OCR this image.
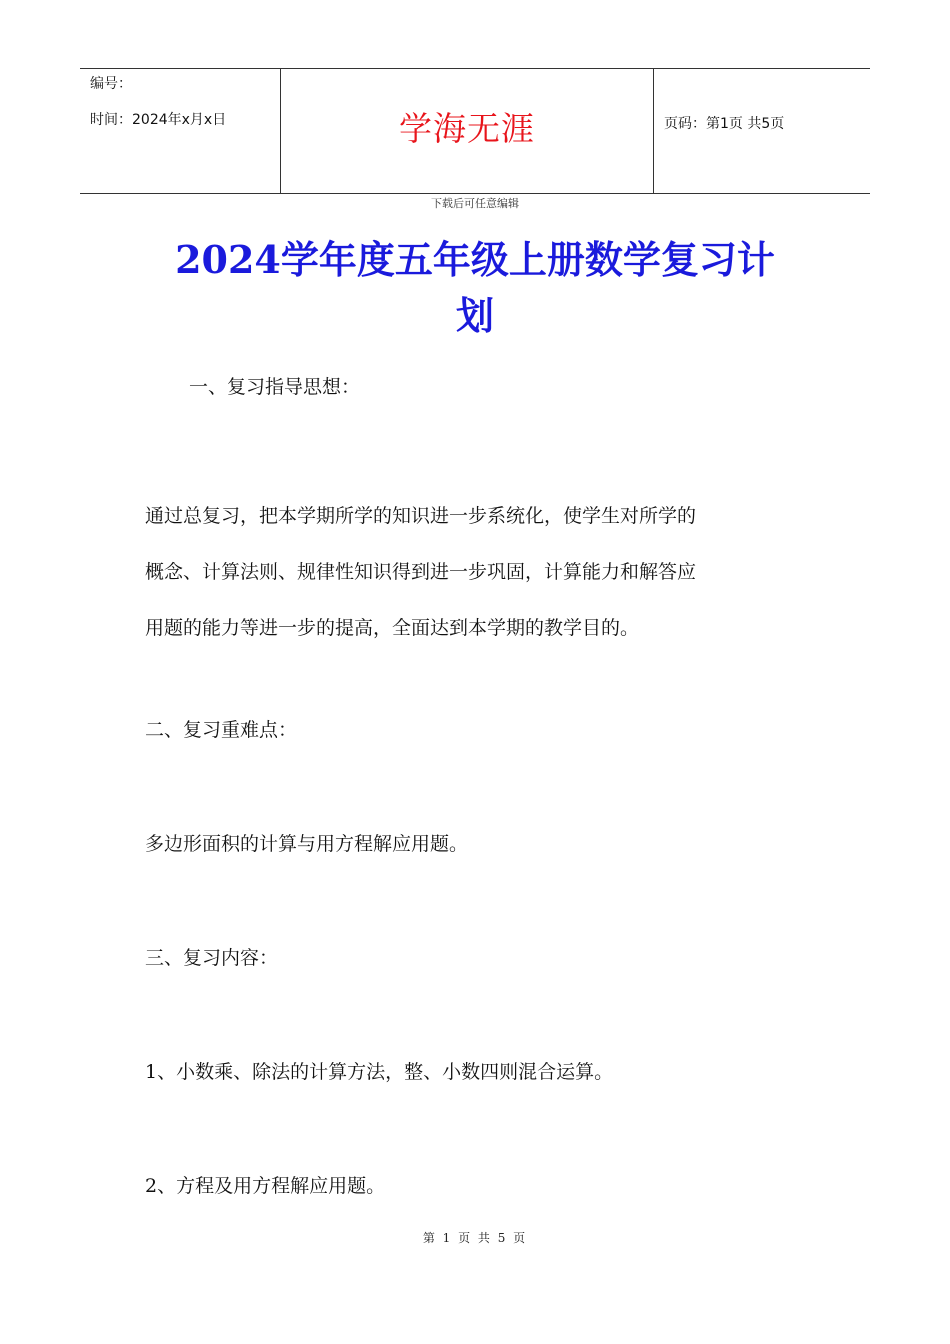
编号：
时间：2024年x月x日	学海无涯	页码：第1页 共5页
下载后可任意编辑
2024学年度五年级上册数学复习计
划
一、复习指导思想：
通过总复习，把本学期所学的知识进一步系统化，使学生对所学的
概念、计算法则、规律性知识得到进一步巩固，计算能力和解答应
用题的能力等进一步的提高，全面达到本学期的教学目的。
二、复习重难点：
多边形面积的计算与用方程解应用题。
三、复习内容：
1、小数乘、除法的计算方法，整、小数四则混合运算。
2、方程及用方程解应用题。
第 1 页 共 5 页
